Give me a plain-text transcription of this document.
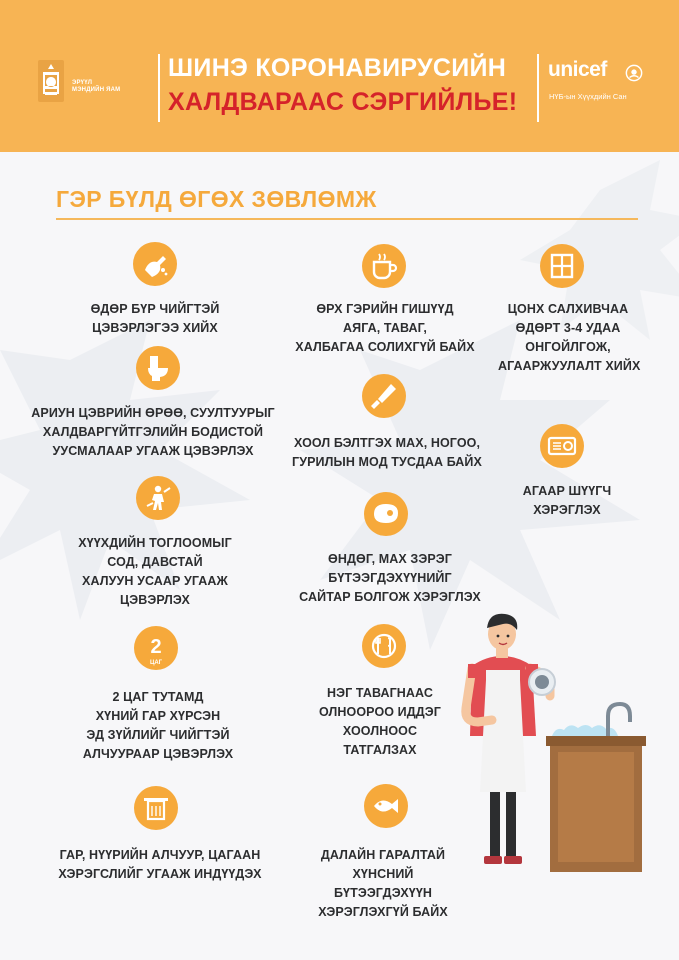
ЭРҮҮЛ
МЭНДИЙН ЯАМ
ШИНЭ КОРОНАВИРУСИЙН
ХАЛДВАРААС СЭРГИЙЛЬЕ!
unicef
НҮБ-ын Хүүхдийн Сан
ГЭР БҮЛД ӨГӨХ ЗӨВЛӨМЖ
ӨДӨР БҮР ЧИЙГТЭЙ
ЦЭВЭРЛЭГЭЭ ХИЙХ
ӨРХ ГЭРИЙН ГИШҮҮД
АЯГА, ТАВАГ,
ХАЛБАГАА СОЛИХГҮЙ БАЙХ
ЦОНХ САЛХИВЧАА
ӨДӨРТ 3-4 УДАА
ОНГОЙЛГОЖ,
АГААРЖУУЛАЛТ ХИЙХ
АРИУН ЦЭВРИЙН ӨРӨӨ, СУУЛТУУРЫГ
ХАЛДВАРГҮЙТГЭЛИЙН БОДИСТОЙ
УУСМАЛААР УГААЖ ЦЭВЭРЛЭХ
ХООЛ БЭЛТГЭХ МАХ, НОГОО,
ГУРИЛЫН МОД ТУСДАА БАЙХ
АГААР ШҮҮГЧ
ХЭРЭГЛЭХ
ХҮҮХДИЙН ТОГЛООМЫГ
СОД, ДАВСТАЙ
ХАЛУУН УСААР УГААЖ
ЦЭВЭРЛЭХ
ӨНДӨГ, МАХ ЗЭРЭГ
БҮТЭЭГДЭХҮҮНИЙГ
САЙТАР БОЛГОЖ ХЭРЭГЛЭХ
2
ЦАГ
2 ЦАГ ТУТАМД
ХҮНИЙ ГАР ХҮРСЭН
ЭД ЗҮЙЛИЙГ ЧИЙГТЭЙ
АЛЧУУРААР ЦЭВЭРЛЭХ
НЭГ ТАВАГНААС
ОЛНООРОО ИДДЭГ
ХООЛНООС
ТАТГАЛЗАХ
ГАР, НҮҮРИЙН АЛЧУУР, ЦАГААН
ХЭРЭГСЛИЙГ УГААЖ ИНДҮҮДЭХ
ДАЛАЙН ГАРАЛТАЙ
ХҮНСНИЙ
БҮТЭЭГДЭХҮҮН
ХЭРЭГЛЭХГҮЙ БАЙХ
